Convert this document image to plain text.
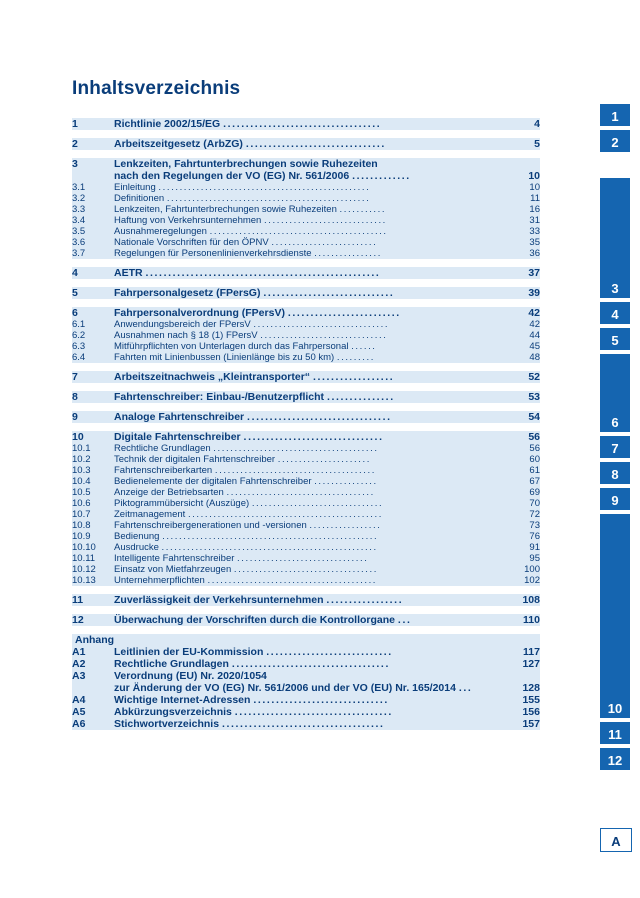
Inhaltsverzeichnis
1	Richtlinie 2002/15/EG ...................................	4

2	Arbeitszeitgesetz (ArbZG) ...............................	5

3	Lenkzeiten, Fahrtunterbrechungen sowie Ruhezeiten
nach den Regelungen der VO (EG) Nr. 561/2006 .............	10
3.1	Einleitung ..................................................	10
3.2	Definitionen ................................................	11
3.3	Lenkzeiten, Fahrtunterbrechungen sowie Ruhezeiten ...........	16
3.4	Haftung von Verkehrsunternehmen .............................	31
3.5	Ausnahmeregelungen ..........................................	33
3.6	Nationale Vorschriften für den ÖPNV .........................	35
3.7	Regelungen für Personenlinienverkehrsdienste ................	36

4	AETR ....................................................	37

5	Fahrpersonalgesetz (FPersG) .............................	39

6	Fahrpersonalverordnung (FPersV) .........................	42
6.1	Anwendungsbereich der FPersV ................................	42
6.2	Ausnahmen nach § 18 (1) FPersV ..............................	44
6.3	Mitführpflichten von Unterlagen durch das Fahrpersonal ......	45
6.4	Fahrten mit Linienbussen (Linienlänge bis zu 50 km) .........	48

7	Arbeitszeitnachweis „Kleintransporter“ ..................	52

8	Fahrtenschreiber: Einbau-/Benutzerpflicht ...............	53

9	Analoge Fahrtenschreiber ................................	54

10	Digitale Fahrtenschreiber ...............................	56
10.1	Rechtliche Grundlagen .......................................	56
10.2	Technik der digitalen Fahrtenschreiber ......................	60
10.3	Fahrtenschreiberkarten ......................................	61
10.4	Bedienelemente der digitalen Fahrtenschreiber ...............	67
10.5	Anzeige der Betriebsarten ...................................	69
10.6	Piktogrammübersicht (Auszüge) ...............................	70
10.7	Zeitmanagement ..............................................	72
10.8	Fahrtenschreibergenerationen und -versionen .................	73
10.9	Bedienung ...................................................	76
10.10	Ausdrucke ...................................................	91
10.11	Intelligente Fahrtenschreiber ...............................	95
10.12	Einsatz von Mietfahrzeugen ..................................	100
10.13	Unternehmerpflichten ........................................	102

11	Zuverlässigkeit der Verkehrsunternehmen .................	108

12	Überwachung der Vorschriften durch die Kontrollorgane ...	110

Anhang		
A1	Leitlinien der EU-Kommission ............................	117
A2	Rechtliche Grundlagen ...................................	127
A3	Verordnung (EU) Nr. 2020/1054
zur Änderung der VO (EG) Nr. 561/2006 und der VO (EU) Nr. 165/2014 ...	128
A4	Wichtige Internet-Adressen ..............................	155
A5	Abkürzungsverzeichnis ...................................	156
A6	Stichwortverzeichnis ....................................	157
1
2
3
4
5
6
7
8
9
10
11
12
A
